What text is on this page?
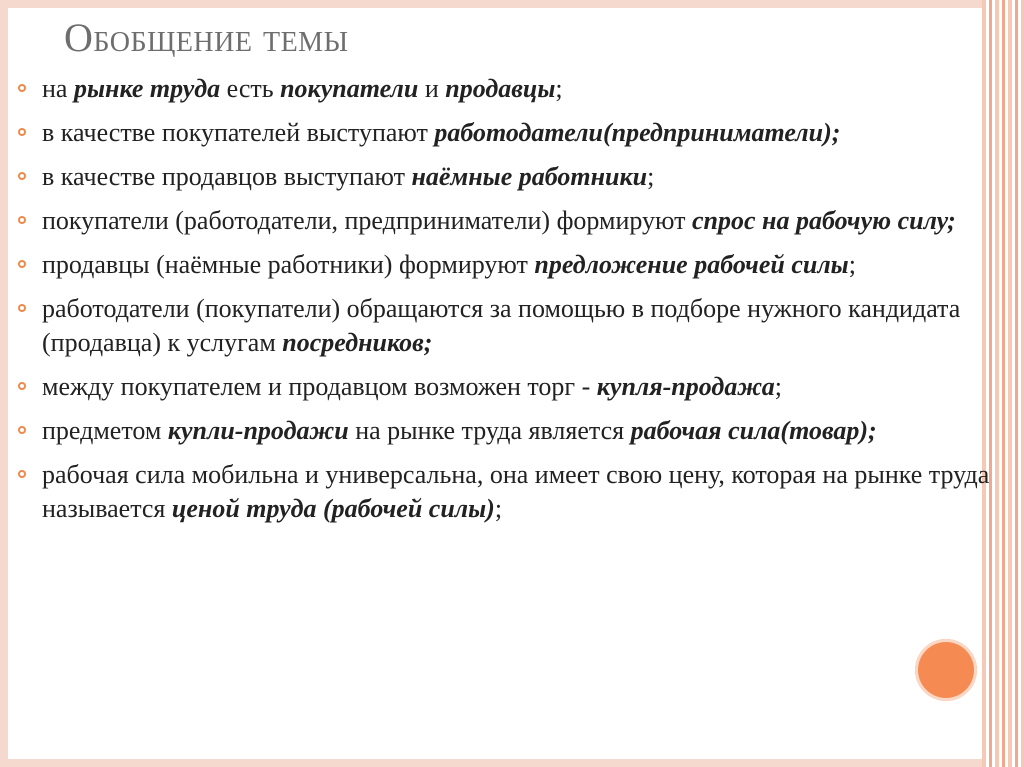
Обобщение темы
на рынке труда есть покупатели и продавцы;
в качестве покупателей выступают работодатели(предприниматели);
в качестве продавцов выступают наёмные работники;
покупатели (работодатели, предприниматели) формируют спрос на рабочую силу;
продавцы (наёмные работники) формируют предложение рабочей силы;
работодатели (покупатели) обращаются за помощью в подборе нужного кандидата (продавца) к услугам посредников;
между покупателем и продавцом возможен торг - купля-продажа;
предметом купли-продажи на рынке труда является рабочая сила(товар);
рабочая сила мобильна и универсальна, она имеет свою цену, которая на рынке труда называется ценой труда (рабочей силы);
